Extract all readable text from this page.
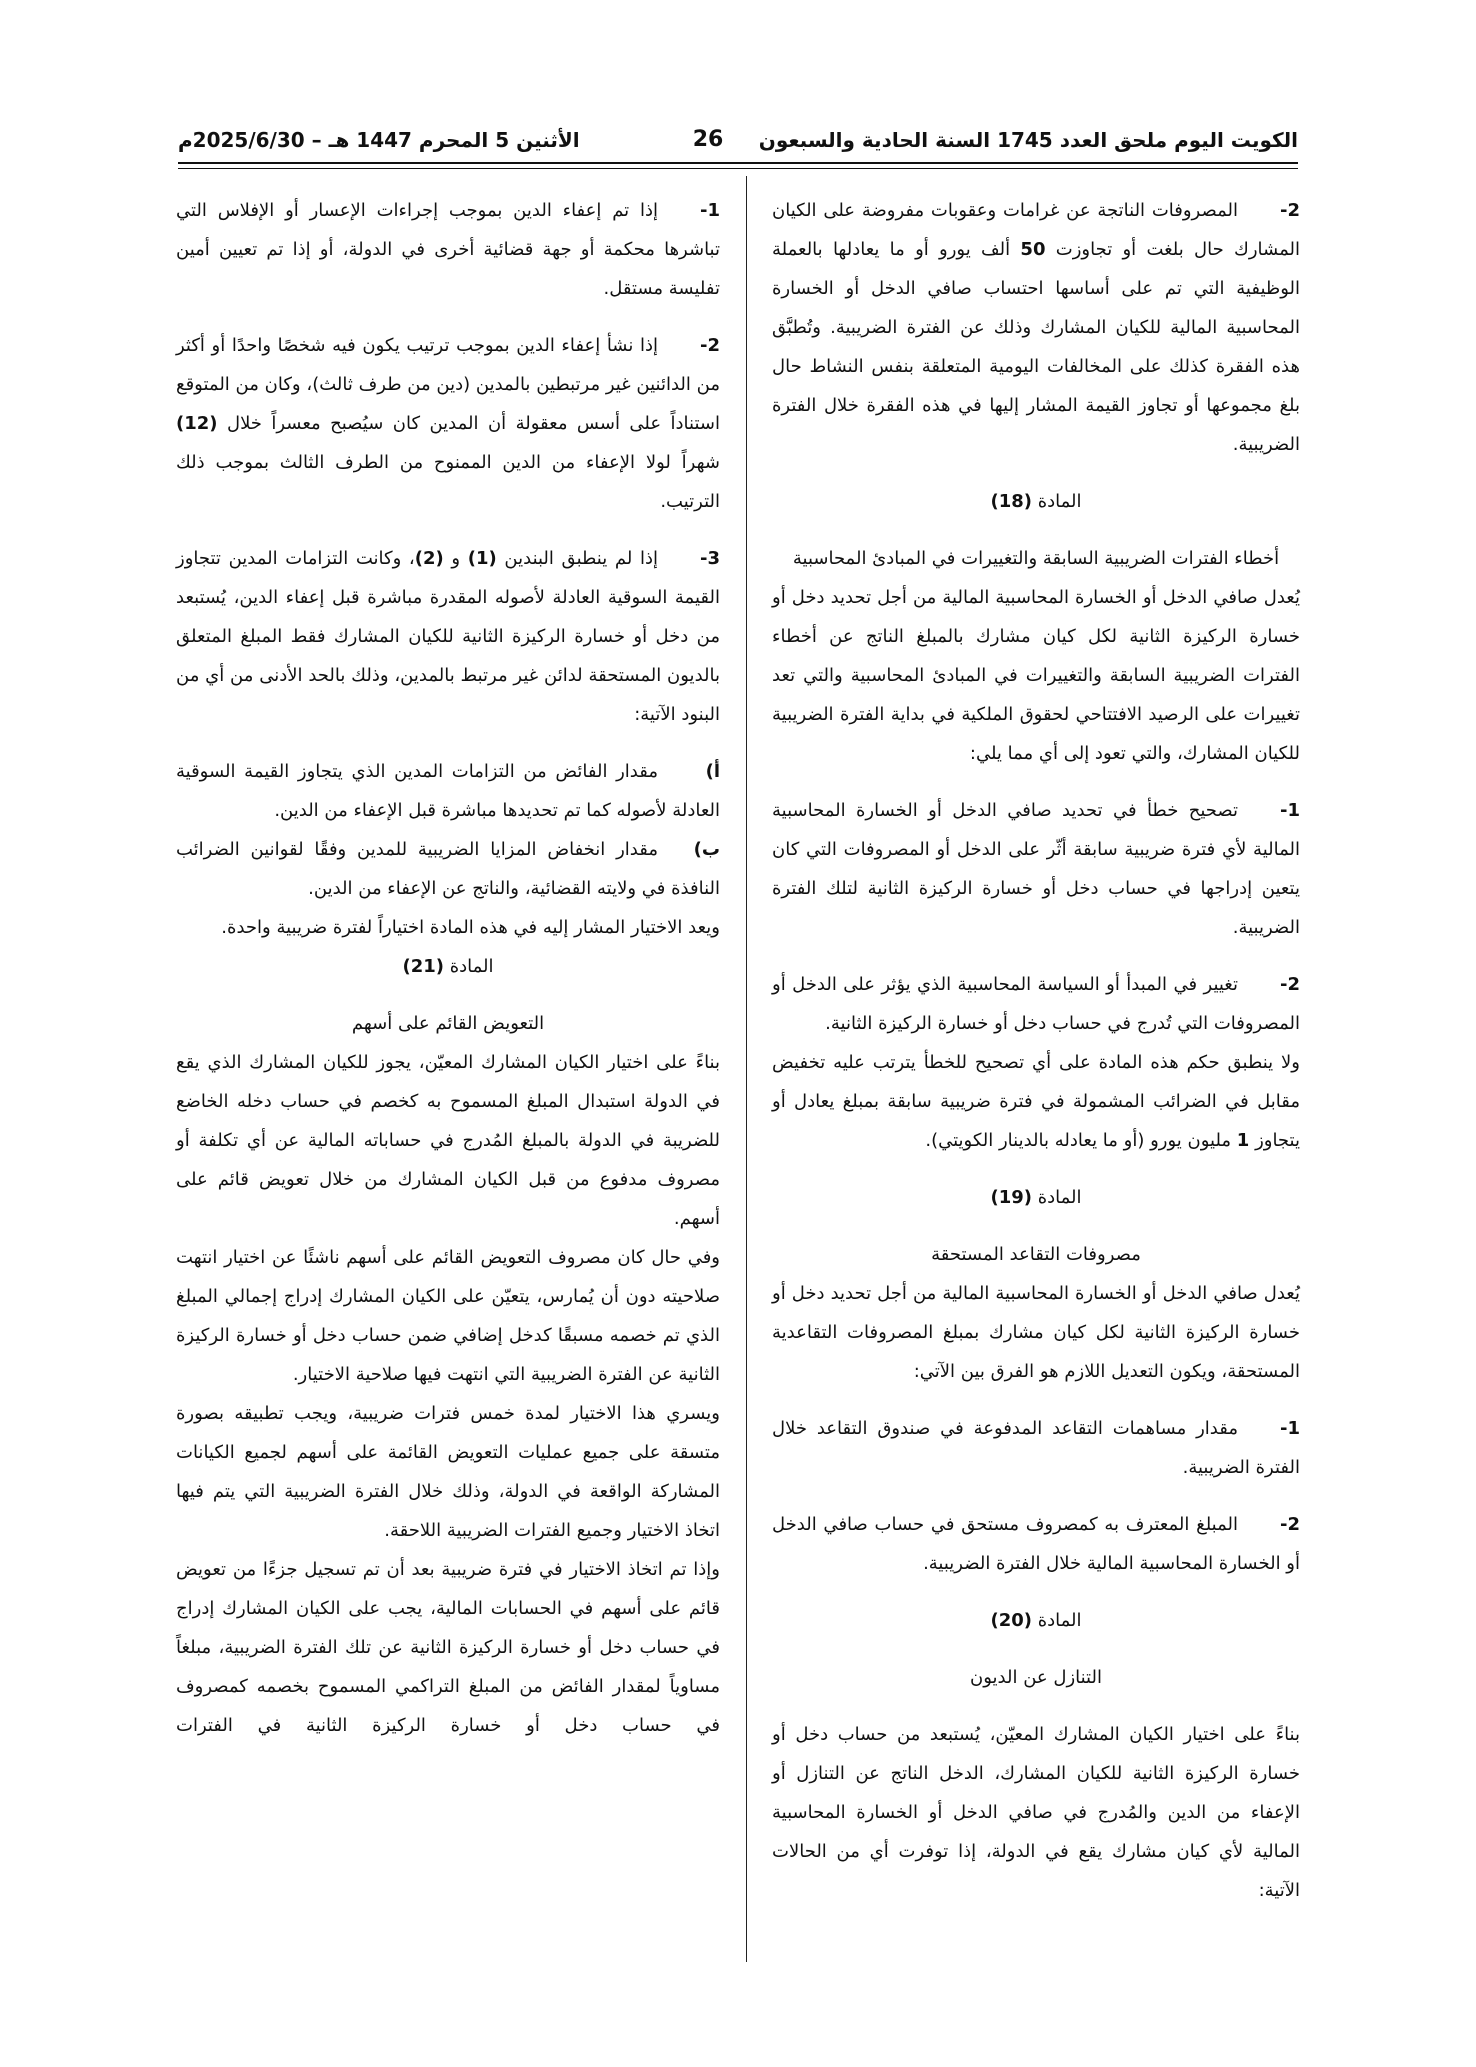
الكويت اليوم ملحق العدد 1745 السنة الحادية والسبعون
26
الأثنين 5 المحرم 1447 هـ – 2025/6/30م

2-المصروفات الناتجة عن غرامات وعقوبات مفروضة على الكيان المشارك حال بلغت أو تجاوزت 50 ألف يورو أو ما يعادلها بالعملة الوظيفية التي تم على أساسها احتساب صافي الدخل أو الخسارة المحاسبية المالية للكيان المشارك وذلك عن الفترة الضريبية. وتُطبَّق هذه الفقرة كذلك على المخالفات اليومية المتعلقة بنفس النشاط حال بلغ مجموعها أو تجاوز القيمة المشار إليها في هذه الفقرة خلال الفترة الضريبية.

المادة (18)
أخطاء الفترات الضريبية السابقة والتغييرات في المبادئ المحاسبية

يُعدل صافي الدخل أو الخسارة المحاسبية المالية من أجل تحديد دخل أو خسارة الركيزة الثانية لكل كيان مشارك بالمبلغ الناتج عن أخطاء الفترات الضريبية السابقة والتغييرات في المبادئ المحاسبية والتي تعد تغييرات على الرصيد الافتتاحي لحقوق الملكية في بداية الفترة الضريبية للكيان المشارك، والتي تعود إلى أي مما يلي:

1-تصحيح خطأ في تحديد صافي الدخل أو الخسارة المحاسبية المالية لأي فترة ضريبية سابقة أثّر على الدخل أو المصروفات التي كان يتعين إدراجها في حساب دخل أو خسارة الركيزة الثانية لتلك الفترة الضريبية.

2-تغيير في المبدأ أو السياسة المحاسبية الذي يؤثر على الدخل أو المصروفات التي تُدرج في حساب دخل أو خسارة الركيزة الثانية.

ولا ينطبق حكم هذه المادة على أي تصحيح للخطأ يترتب عليه تخفيض مقابل في الضرائب المشمولة في فترة ضريبية سابقة بمبلغ يعادل أو يتجاوز 1 مليون يورو (أو ما يعادله بالدينار الكويتي).

المادة (19)
مصروفات التقاعد المستحقة

يُعدل صافي الدخل أو الخسارة المحاسبية المالية من أجل تحديد دخل أو خسارة الركيزة الثانية لكل كيان مشارك بمبلغ المصروفات التقاعدية المستحقة، ويكون التعديل اللازم هو الفرق بين الآتي:

1-مقدار مساهمات التقاعد المدفوعة في صندوق التقاعد خلال الفترة الضريبية.

2-المبلغ المعترف به كمصروف مستحق في حساب صافي الدخل أو الخسارة المحاسبية المالية خلال الفترة الضريبية.

المادة (20)
التنازل عن الديون

بناءً على اختيار الكيان المشارك المعيّن، يُستبعد من حساب دخل أو خسارة الركيزة الثانية للكيان المشارك، الدخل الناتج عن التنازل أو الإعفاء من الدين والمُدرج في صافي الدخل أو الخسارة المحاسبية المالية لأي كيان مشارك يقع في الدولة، إذا توفرت أي من الحالات الآتية:

1-إذا تم إعفاء الدين بموجب إجراءات الإعسار أو الإفلاس التي تباشرها محكمة أو جهة قضائية أخرى في الدولة، أو إذا تم تعيين أمين تفليسة مستقل.

2-إذا نشأ إعفاء الدين بموجب ترتيب يكون فيه شخصًا واحدًا أو أكثر من الدائنين غير مرتبطين بالمدين (دين من طرف ثالث)، وكان من المتوقع استناداً على أسس معقولة أن المدين كان سيُصبح معسراً خلال (12) شهراً لولا الإعفاء من الدين الممنوح من الطرف الثالث بموجب ذلك الترتيب.

3-إذا لم ينطبق البندين (1) و (2)، وكانت التزامات المدين تتجاوز القيمة السوقية العادلة لأصوله المقدرة مباشرة قبل إعفاء الدين، يُستبعد من دخل أو خسارة الركيزة الثانية للكيان المشارك فقط المبلغ المتعلق بالديون المستحقة لدائن غير مرتبط بالمدين، وذلك بالحد الأدنى من أي من البنود الآتية:

أ)مقدار الفائض من التزامات المدين الذي يتجاوز القيمة السوقية العادلة لأصوله كما تم تحديدها مباشرة قبل الإعفاء من الدين.

ب)مقدار انخفاض المزايا الضريبية للمدين وفقًا لقوانين الضرائب النافذة في ولايته القضائية، والناتج عن الإعفاء من الدين.

ويعد الاختيار المشار إليه في هذه المادة اختياراً لفترة ضريبية واحدة.

المادة (21)
التعويض القائم على أسهم

بناءً على اختيار الكيان المشارك المعيّن، يجوز للكيان المشارك الذي يقع في الدولة استبدال المبلغ المسموح به كخصم في حساب دخله الخاضع للضريبة في الدولة بالمبلغ المُدرج في حساباته المالية عن أي تكلفة أو مصروف مدفوع من قبل الكيان المشارك من خلال تعويض قائم على أسهم.

وفي حال كان مصروف التعويض القائم على أسهم ناشئًا عن اختيار انتهت صلاحيته دون أن يُمارس، يتعيّن على الكيان المشارك إدراج إجمالي المبلغ الذي تم خصمه مسبقًا كدخل إضافي ضمن حساب دخل أو خسارة الركيزة الثانية عن الفترة الضريبية التي انتهت فيها صلاحية الاختيار.

ويسري هذا الاختيار لمدة خمس فترات ضريبية، ويجب تطبيقه بصورة متسقة على جميع عمليات التعويض القائمة على أسهم لجميع الكيانات المشاركة الواقعة في الدولة، وذلك خلال الفترة الضريبية التي يتم فيها اتخاذ الاختيار وجميع الفترات الضريبية اللاحقة.

وإذا تم اتخاذ الاختيار في فترة ضريبية بعد أن تم تسجيل جزءًا من تعويض قائم على أسهم في الحسابات المالية، يجب على الكيان المشارك إدراج في حساب دخل أو خسارة الركيزة الثانية عن تلك الفترة الضريبية، مبلغاً مساوياً لمقدار الفائض من المبلغ التراكمي المسموح بخصمه كمصروف في حساب دخل أو خسارة الركيزة الثانية في الفترات
